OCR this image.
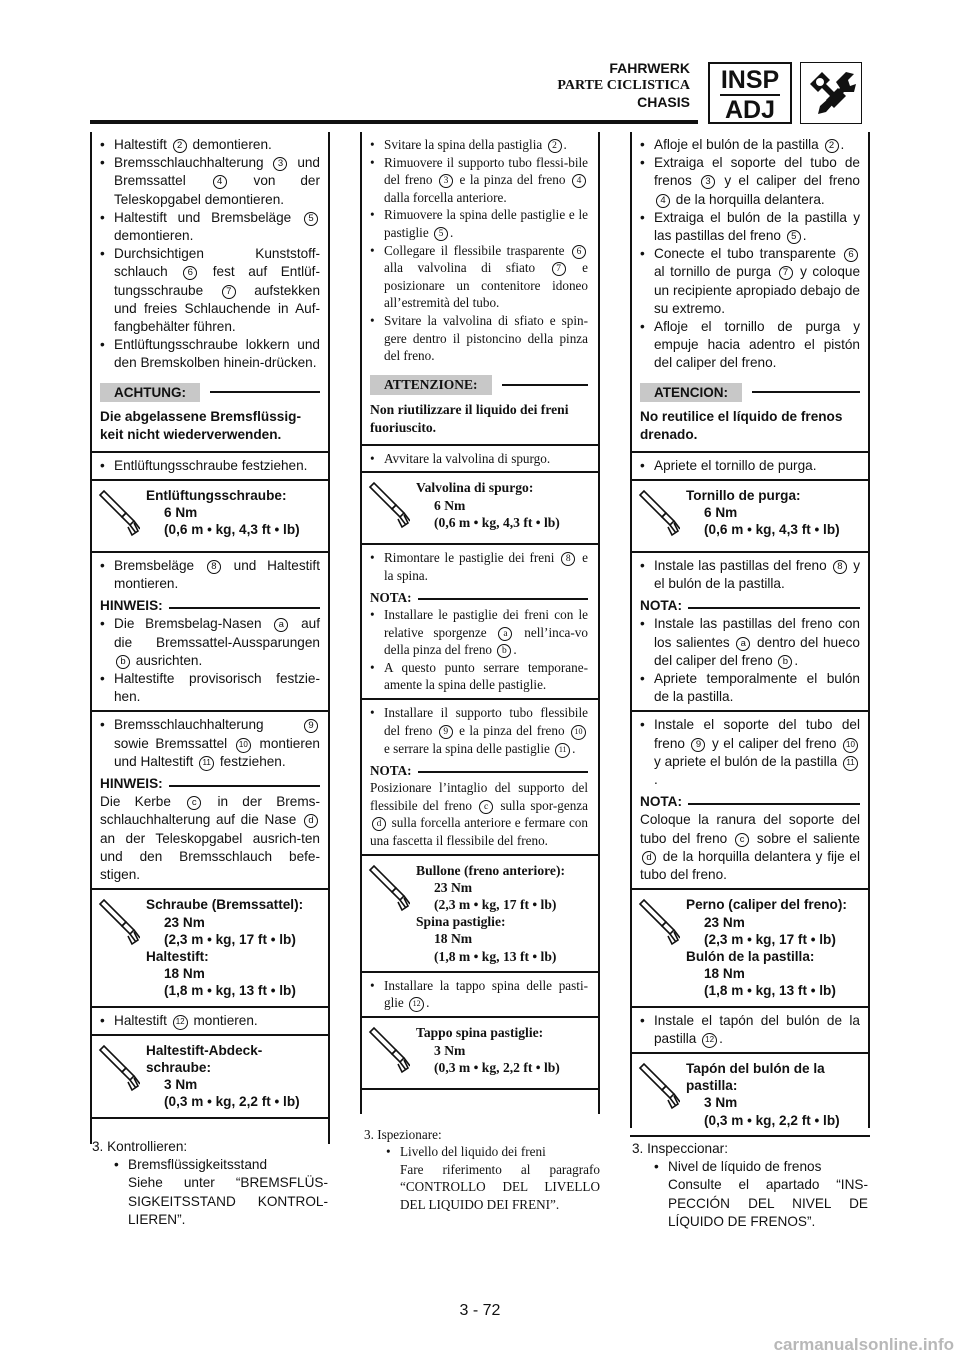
FAHRWERK
PARTE CICLISTICA
CHASIS
INSP
ADJ
• Haltestift 2 demontieren.
• Bremsschlauchhalterung 3 und Bremssattel 4 von der Teleskopgabel demontieren.
• Haltestift und Bremsbeläge 5 demontieren.
• Durchsichtigen Kunststoff-schlauch 6 fest auf Entlüf-tungsschraube 7 aufstekken und freies Schlauchende in Auf-fangbehälter führen.
• Entlüftungsschraube lokkern und den Bremskolben hinein-drücken.
ACHTUNG:
Die abgelassene Bremsflüssig-keit nicht wiederverwenden.
• Entlüftungsschraube festziehen.
Entlüftungsschraube:
6 Nm
(0,6 m • kg, 4,3 ft • lb)
• Bremsbeläge 8 und Haltestift montieren.
HINWEIS:
• Die Bremsbelag-Nasen a auf die Bremssattel-Aussparungen b ausrichten.
• Haltestifte provisorisch festzie-hen.
• Bremsschlauchhalterung 9 sowie Bremssattel 10 montieren und Haltestift 11 festziehen.
HINWEIS:
Die Kerbe c in der Brems-schlauchhalterung auf die Nase d an der Teleskopgabel ausrich-ten und den Bremsschlauch befe-stigen.
Schraube (Bremssattel):
23 Nm
(2,3 m • kg, 17 ft • lb)
Haltestift:
18 Nm
(1,8 m • kg, 13 ft • lb)
• Haltestift 12 montieren.
Haltestift-Abdeck-
schraube:
3 Nm
(0,3 m • kg, 2,2 ft • lb)
• Svitare la spina della pastiglia 2 .
• Rimuovere il supporto tubo flessi-bile del freno 3 e la pinza del freno 4 dalla forcella anteriore.
• Rimuovere la spina delle pastiglie e le pastiglie 5 .
• Collegare il flessibile trasparente 6 alla valvolina di sfiato 7 e posizionare un contenitore idoneo all’estremità del tubo.
• Svitare la valvolina di sfiato e spin-gere dentro il pistoncino della pinza del freno.
ATTENZIONE:
Non riutilizzare il liquido dei freni fuoriuscito.
• Avvitare la valvolina di spurgo.
Valvolina di spurgo:
6 Nm
(0,6 m • kg, 4,3 ft • lb)
• Rimontare le pastiglie dei freni 8 e la spina.
NOTA:
• Installare le pastiglie dei freni con le relative sporgenze a nell’inca-vo della pinza del freno b .
• A questo punto serrare temporane-amente la spina delle pastiglie.
• Installare il supporto tubo flessibile del freno 9 e la pinza del freno 10 e serrare la spina delle pastiglie 11 .
NOTA:
Posizionare l’intaglio del supporto del flessibile del freno c sulla spor-genza d sulla forcella anteriore e fermare con una fascetta il flessibile del freno.
Bullone (freno anteriore):
23 Nm
(2,3 m • kg, 17 ft • lb)
Spina pastiglie:
18 Nm
(1,8 m • kg, 13 ft • lb)
• Installare la tappo spina delle pasti-glie 12 .
Tappo spina pastiglie:
3 Nm
(0,3 m • kg, 2,2 ft • lb)
• Afloje el bulón de la pastilla 2 .
• Extraiga el soporte del tubo de frenos 3 y el caliper del freno 4 de la horquilla delantera.
• Extraiga el bulón de la pastilla y las pastillas del freno 5 .
• Conecte el tubo transparente 6 al tornillo de purga 7 y coloque un recipiente apropiado debajo de su extremo.
• Afloje el tornillo de purga y empuje hacia adentro el pistón del caliper del freno.
ATENCION:
No reutilice el líquido de frenos drenado.
• Apriete el tornillo de purga.
Tornillo de purga:
6 Nm
(0,6 m • kg, 4,3 ft • lb)
• Instale las pastillas del freno 8 y el bulón de la pastilla.
NOTA:
• Instale las pastillas del freno con los salientes a dentro del hueco del caliper del freno b .
• Apriete temporalmente el bulón de la pastilla.
• Instale el soporte del tubo del freno 9 y el caliper del freno 10 y apriete el bulón de la pastilla 11.
NOTA:
Coloque la ranura del soporte del tubo del freno c sobre el saliente d de la horquilla delantera y fije el tubo del freno.
Perno (caliper del freno):
23 Nm
(2,3 m • kg, 17 ft • lb)
Bulón de la pastilla:
18 Nm
(1,8 m • kg, 13 ft • lb)
• Instale el tapón del bulón de la pastilla 12 .
Tapón del bulón de la
pastilla:
3 Nm
(0,3 m • kg, 2,2 ft • lb)
3. Kontrollieren:
• Bremsflüssigkeitsstand
Siehe unter “BREMSFLÜS-SIGKEITSSTAND KONTROL-LIEREN”.
3. Ispezionare:
• Livello del liquido dei freni
Fare riferimento al paragrafo “CONTROLLO DEL LIVELLO DEL LIQUIDO DEI FRENI”.
3. Inspeccionar:
• Nivel de líquido de frenos
Consulte el apartado “INS-PECCIÓN DEL NIVEL DE LÍQUIDO DE FRENOS”.
3 - 72
carmanualsonline.info
